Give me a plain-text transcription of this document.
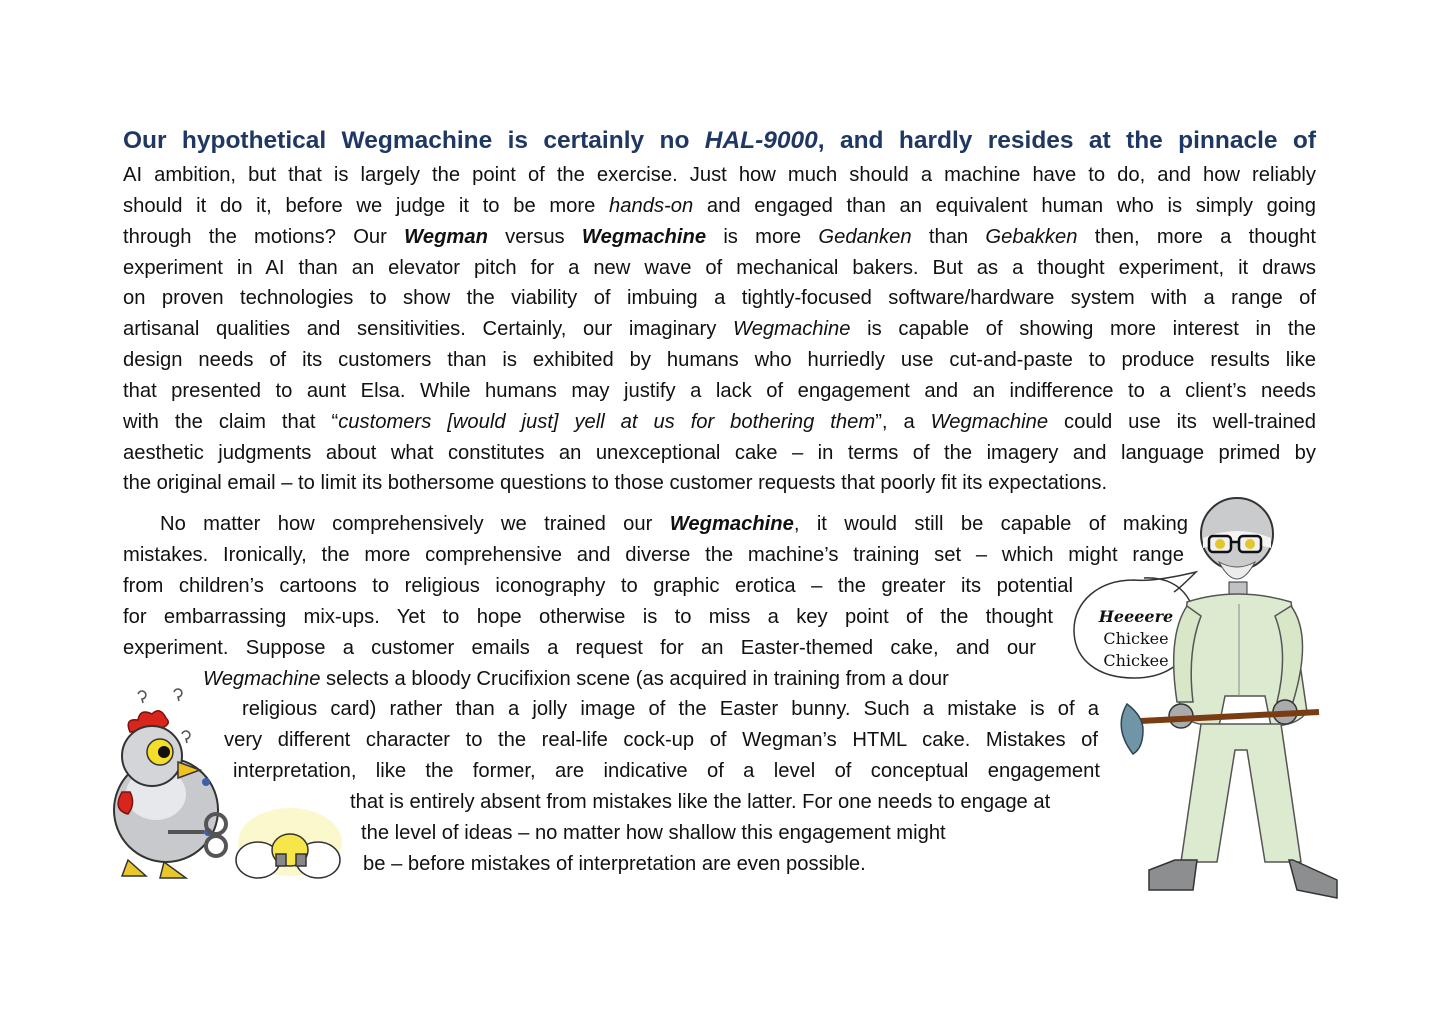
Our hypothetical Wegmachine is certainly no HAL-9000, and hardly resides at the pinnacle of
AI ambition, but that is largely the point of the exercise. Just how much should a machine have to do, and how reliably
should it do it, before we judge it to be more hands-on and engaged than an equivalent human who is simply going
through the motions? Our Wegman versus Wegmachine is more Gedanken than Gebakken then, more a thought
experiment in AI than an elevator pitch for a new wave of mechanical bakers. But as a thought experiment, it draws
on proven technologies to show the viability of imbuing a tightly-focused software/hardware system with a range of
artisanal qualities and sensitivities. Certainly, our imaginary Wegmachine is capable of showing more interest in the
design needs of its customers than is exhibited by humans who hurriedly use cut-and-paste to produce results like
that presented to aunt Elsa. While humans may justify a lack of engagement and an indifference to a client’s needs
with the claim that “customers [would just] yell at us for bothering them”, a Wegmachine could use its well-trained
aesthetic judgments about what constitutes an unexceptional cake – in terms of the imagery and language primed by
the original email – to limit its bothersome questions to those customer requests that poorly fit its expectations.
No matter how comprehensively we trained our Wegmachine, it would still be capable of making
mistakes. Ironically, the more comprehensive and diverse the machine’s training set – which might range
from children’s cartoons to religious iconography to graphic erotica – the greater its potential
for embarrassing mix-ups. Yet to hope otherwise is to miss a key point of the thought
experiment. Suppose a customer emails a request for an Easter-themed cake, and our
Wegmachine selects a bloody Crucifixion scene (as acquired in training from a dour
religious card) rather than a jolly image of the Easter bunny. Such a mistake is of a
very different character to the real-life cock-up of Wegman’s HTML cake. Mistakes of
interpretation, like the former, are indicative of a level of conceptual engagement
that is entirely absent from mistakes like the latter. For one needs to engage at
the level of ideas – no matter how shallow this engagement might
be – before mistakes of interpretation are even possible.
Heeeere
Chickee
Chickee
